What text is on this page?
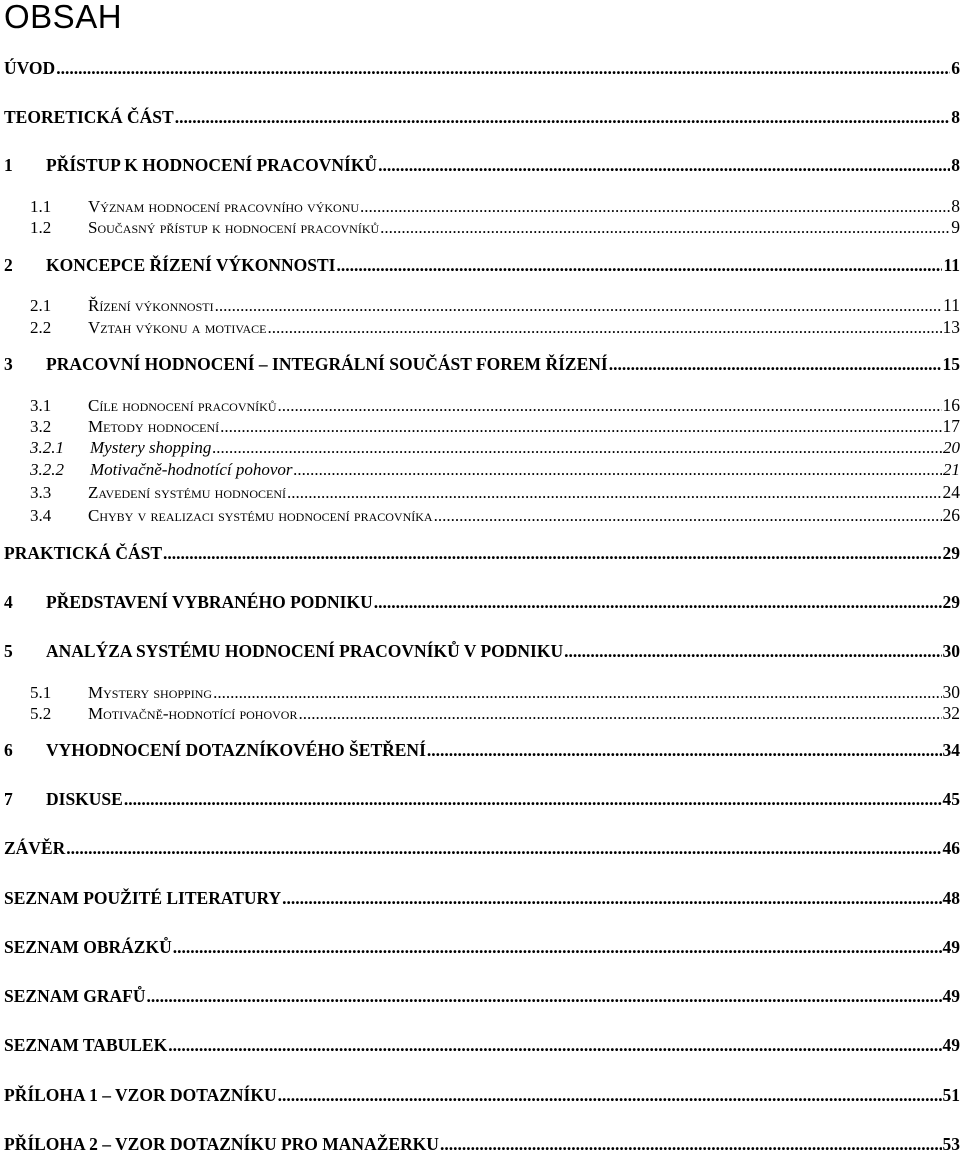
OBSAH
ÚVOD .....	6
TEORETICKÁ ČÁST .....	8
1	PŘÍSTUP K HODNOCENÍ PRACOVNÍKŮ .....	8
1.1	Význam hodnocení pracovního výkonu .....	8
1.2	Současný přístup k hodnocení pracovníků .....	9
2	KONCEPCE ŘÍZENÍ VÝKONNOSTI .....	11
2.1	Řízení výkonnosti .....	11
2.2	Vztah výkonu a motivace .....	13
3	PRACOVNÍ HODNOCENÍ – INTEGRÁLNÍ SOUČÁST FOREM ŘÍZENÍ .....	15
3.1	Cíle hodnocení pracovníků .....	16
3.2	Metody hodnocení .....	17
3.2.1	Mystery shopping .....	20
3.2.2	Motivačně-hodnotící pohovor .....	21
3.3	Zavedení systému hodnocení .....	24
3.4	Chyby v realizaci systému hodnocení pracovníka .....	26
PRAKTICKÁ ČÁST .....	29
4	PŘEDSTAVENÍ VYBRANÉHO PODNIKU .....	29
5	ANALÝZA SYSTÉMU HODNOCENÍ PRACOVNÍKŮ V PODNIKU .....	30
5.1	Mystery shopping .....	30
5.2	Motivačně-hodnotící pohovor .....	32
6	VYHODNOCENÍ DOTAZNÍKOVÉHO ŠETŘENÍ .....	34
7	DISKUSE .....	45
ZÁVĚR .....	46
SEZNAM POUŽITÉ LITERATURY .....	48
SEZNAM OBRÁZKŮ .....	49
SEZNAM GRAFŮ .....	49
SEZNAM TABULEK .....	49
PŘÍLOHA 1 – VZOR DOTAZNÍKU .....	51
PŘÍLOHA 2 – VZOR DOTAZNÍKU PRO MANAŽERKU .....	53
